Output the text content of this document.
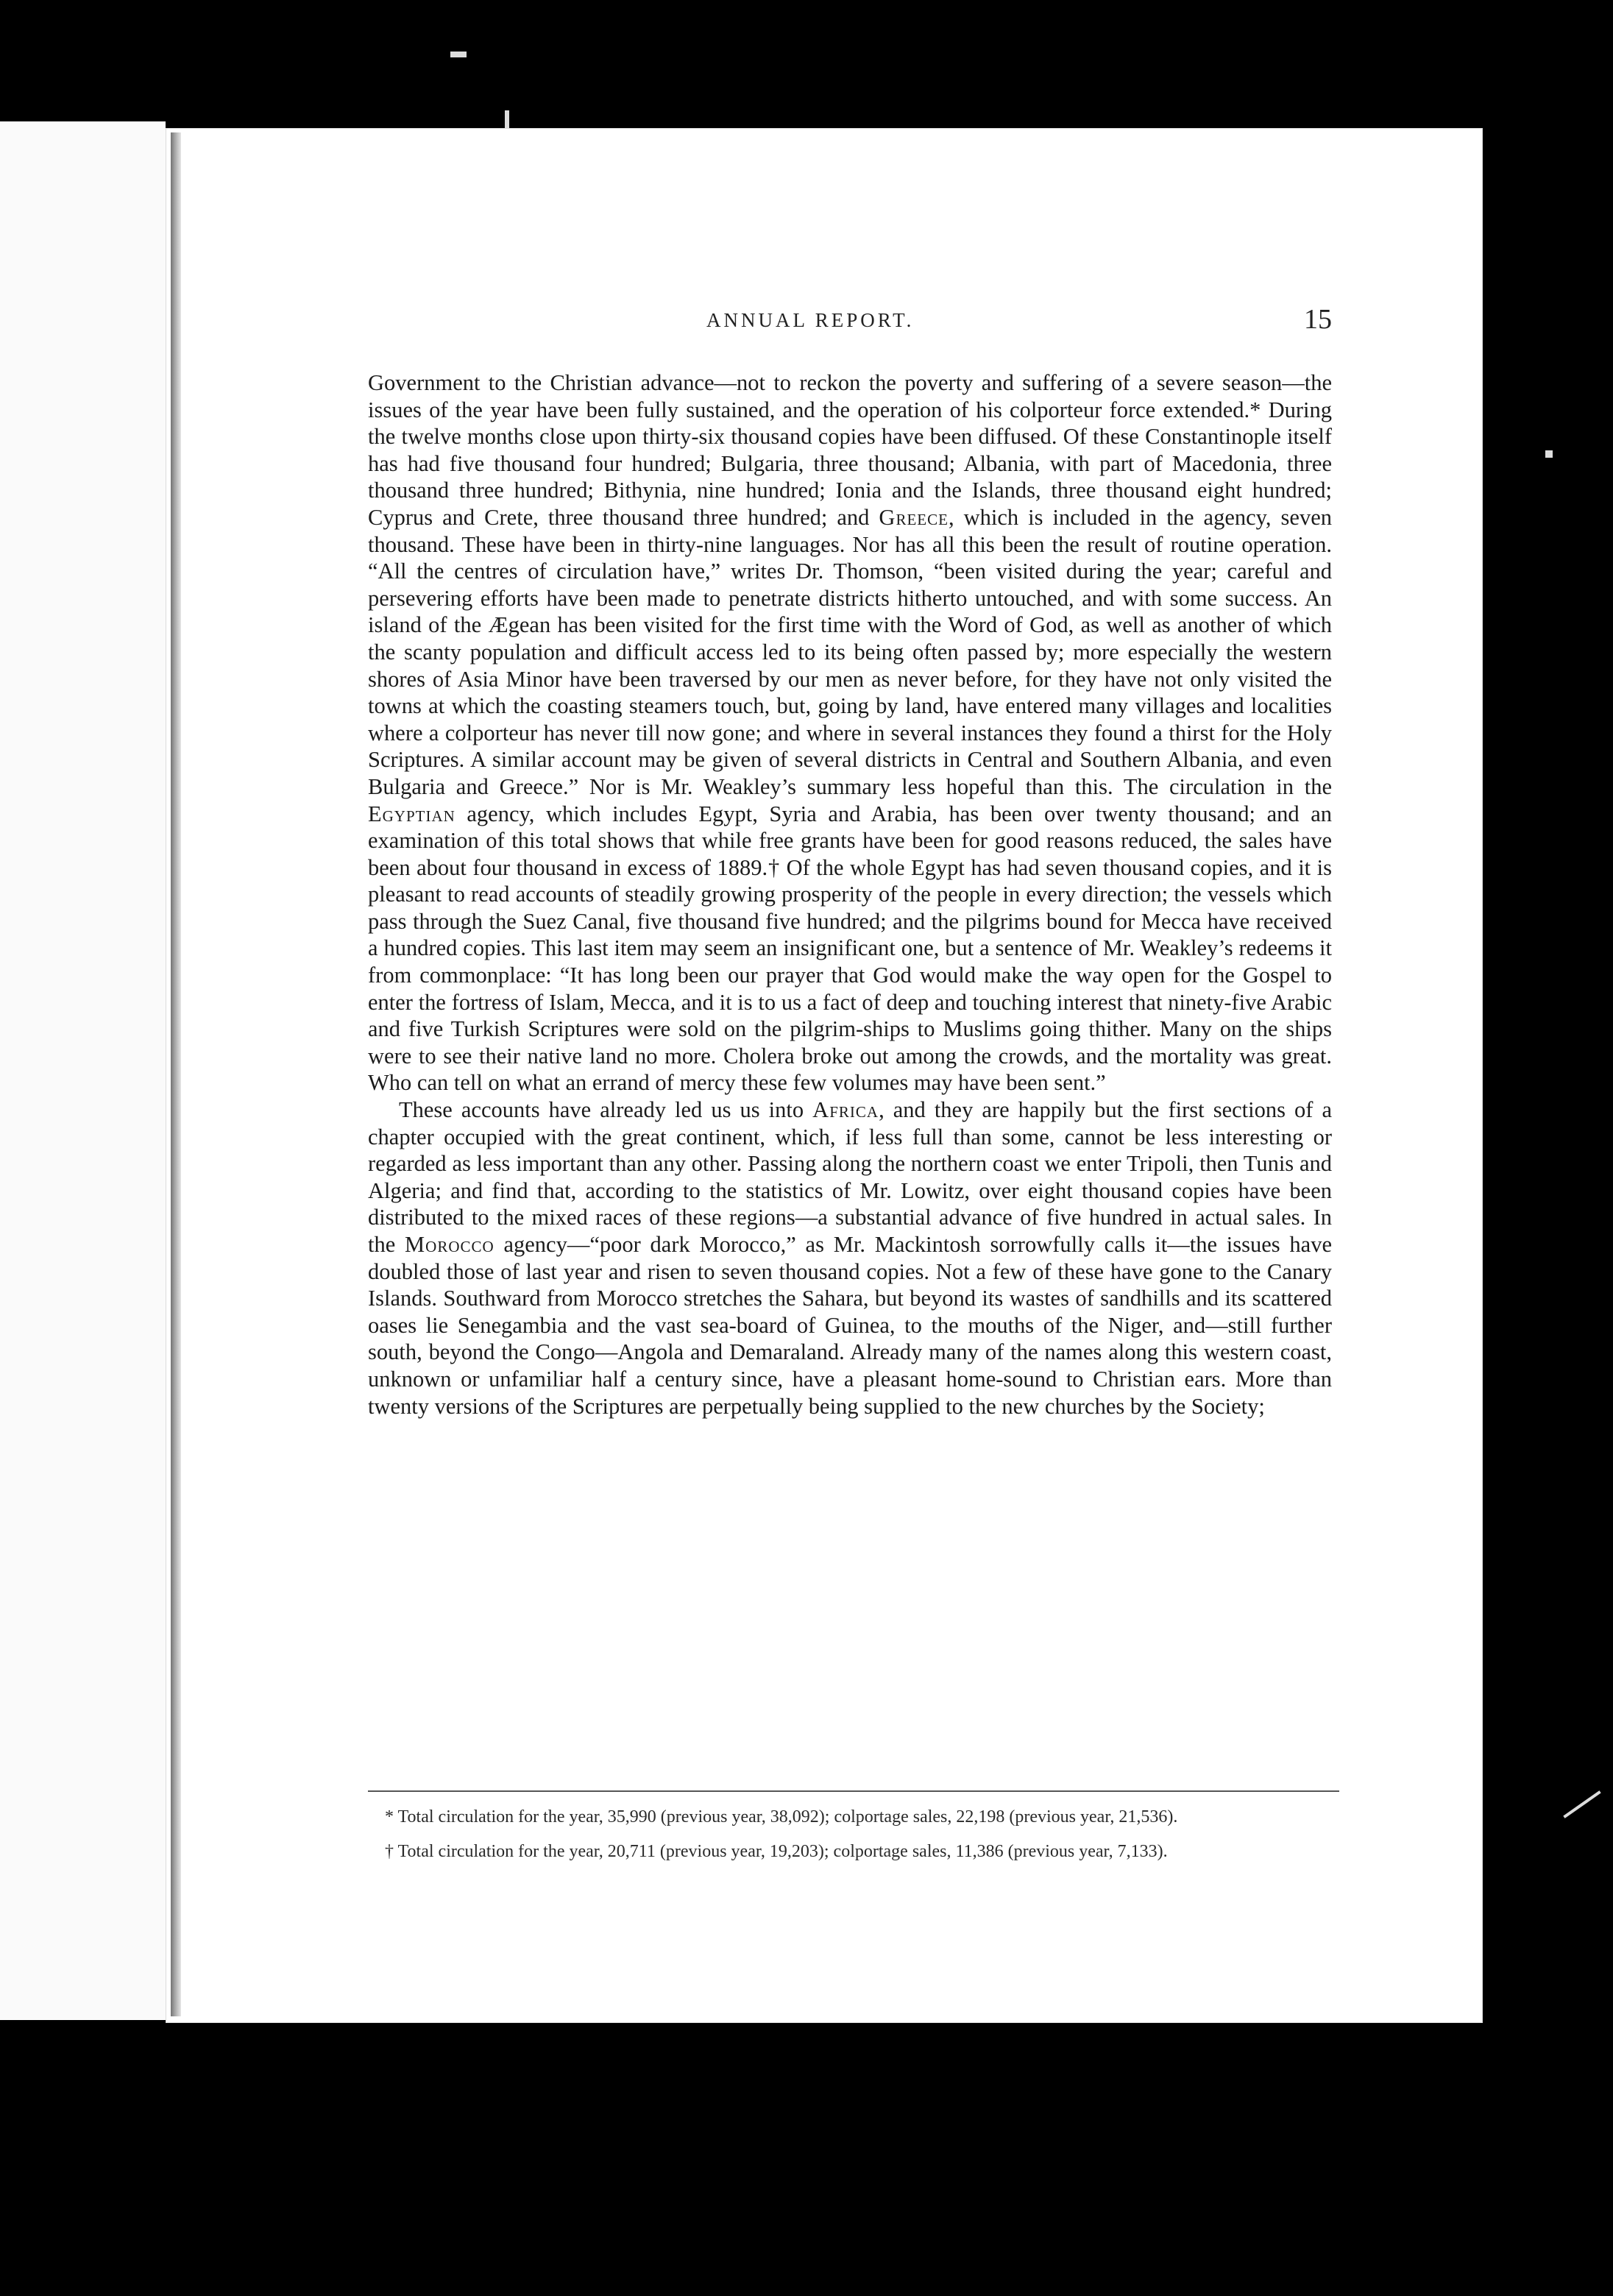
ANNUAL REPORT.	15

Government to the Christian advance—not to reckon the poverty and suffering of a severe season—the issues of the year have been fully sustained, and the operation of his colporteur force extended.* During the twelve months close upon thirty-six thousand copies have been diffused. Of these Constantinople itself has had five thousand four hundred; Bulgaria, three thousand; Albania, with part of Macedonia, three thousand three hundred; Bithynia, nine hundred; Ionia and the Islands, three thousand eight hundred; Cyprus and Crete, three thousand three hundred; and Greece, which is included in the agency, seven thousand. These have been in thirty-nine languages. Nor has all this been the result of routine operation. “All the centres of circulation have,” writes Dr. Thomson, “been visited during the year; careful and persevering efforts have been made to penetrate districts hitherto untouched, and with some success. An island of the Ægean has been visited for the first time with the Word of God, as well as another of which the scanty population and difficult access led to its being often passed by; more especially the western shores of Asia Minor have been traversed by our men as never before, for they have not only visited the towns at which the coasting steamers touch, but, going by land, have entered many villages and localities where a colporteur has never till now gone; and where in several instances they found a thirst for the Holy Scriptures. A similar account may be given of several districts in Central and Southern Albania, and even Bulgaria and Greece.” Nor is Mr. Weakley’s summary less hopeful than this. The circulation in the Egyptian agency, which includes Egypt, Syria and Arabia, has been over twenty thousand; and an examination of this total shows that while free grants have been for good reasons reduced, the sales have been about four thousand in excess of 1889.† Of the whole Egypt has had seven thousand copies, and it is pleasant to read accounts of steadily growing prosperity of the people in every direction; the vessels which pass through the Suez Canal, five thousand five hundred; and the pilgrims bound for Mecca have received a hundred copies. This last item may seem an insignificant one, but a sentence of Mr. Weakley’s redeems it from commonplace: “It has long been our prayer that God would make the way open for the Gospel to enter the fortress of Islam, Mecca, and it is to us a fact of deep and touching interest that ninety-five Arabic and five Turkish Scriptures were sold on the pilgrim-ships to Muslims going thither. Many on the ships were to see their native land no more. Cholera broke out among the crowds, and the mortality was great. Who can tell on what an errand of mercy these few volumes may have been sent.”

These accounts have already led us us into Africa, and they are happily but the first sections of a chapter occupied with the great continent, which, if less full than some, cannot be less interesting or regarded as less important than any other. Passing along the northern coast we enter Tripoli, then Tunis and Algeria; and find that, according to the statistics of Mr. Lowitz, over eight thousand copies have been distributed to the mixed races of these regions—a substantial advance of five hundred in actual sales. In the Morocco agency—“poor dark Morocco,” as Mr. Mackintosh sorrowfully calls it—the issues have doubled those of last year and risen to seven thousand copies. Not a few of these have gone to the Canary Islands. Southward from Morocco stretches the Sahara, but beyond its wastes of sandhills and its scattered oases lie Senegambia and the vast sea-board of Guinea, to the mouths of the Niger, and—still further south, beyond the Congo—Angola and Demaraland. Already many of the names along this western coast, unknown or unfamiliar half a century since, have a pleasant home-sound to Christian ears. More than twenty versions of the Scriptures are perpetually being supplied to the new churches by the Society;

* Total circulation for the year, 35,990 (previous year, 38,092); colportage sales, 22,198 (previous year, 21,536).

† Total circulation for the year, 20,711 (previous year, 19,203); colportage sales, 11,386 (previous year, 7,133).
